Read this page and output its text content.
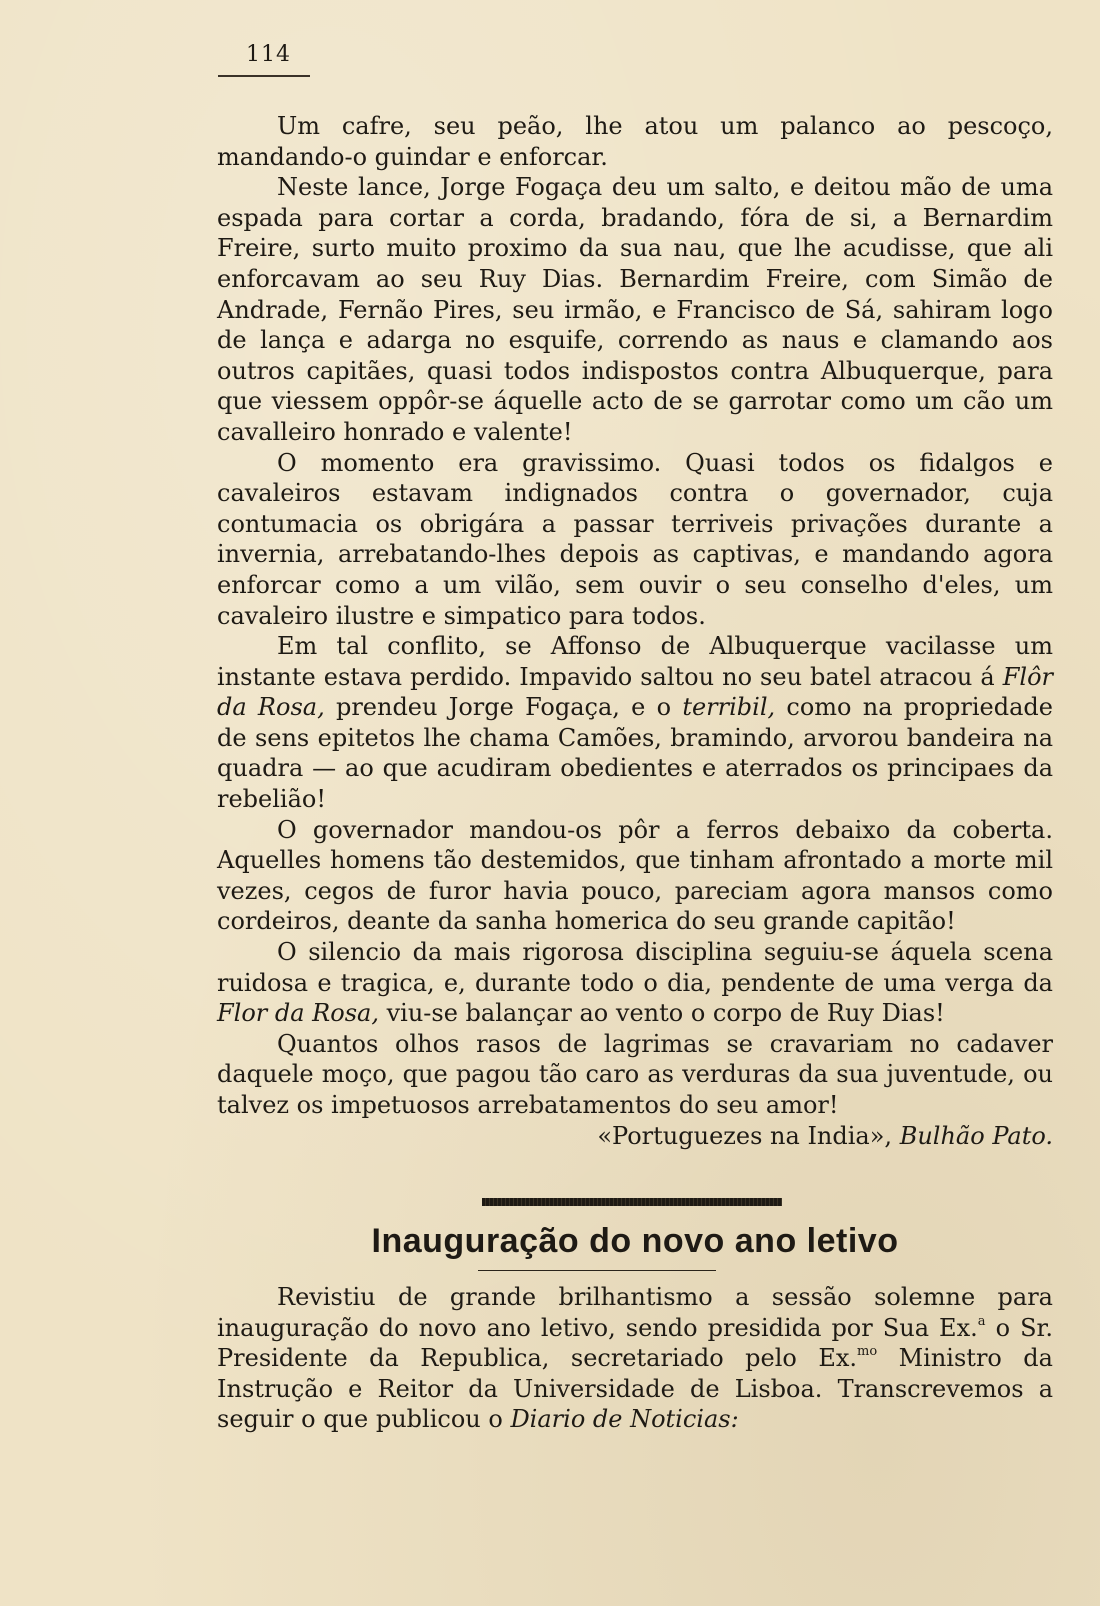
114

Um cafre, seu peão, lhe atou um palanco ao pescoço, mandando-o guindar e enforcar.

Neste lance, Jorge Fogaça deu um salto, e deitou mão de uma espada para cortar a corda, bradando, fóra de si, a Bernardim Freire, surto muito proximo da sua nau, que lhe acudisse, que ali enforcavam ao seu Ruy Dias. Bernardim Freire, com Simão de Andrade, Fernão Pires, seu irmão, e Francisco de Sá, sahiram logo de lança e adarga no esquife, correndo as naus e clamando aos outros capitães, quasi todos indispostos contra Albuquerque, para que viessem oppôr-se áquelle acto de se garrotar como um cão um cavalleiro honrado e valente!

O momento era gravissimo. Quasi todos os fidalgos e cavaleiros estavam indignados contra o governador, cuja contumacia os obrigára a passar terriveis privações durante a invernia, arrebatando-lhes depois as captivas, e mandando agora enforcar como a um vilão, sem ouvir o seu conselho d'eles, um cavaleiro ilustre e simpatico para todos.

Em tal conflito, se Affonso de Albuquerque vacilasse um instante estava perdido. Impavido saltou no seu batel atracou á Flôr da Rosa, prendeu Jorge Fogaça, e o terribil, como na propriedade de sens epitetos lhe chama Camões, bramindo, arvorou bandeira na quadra — ao que acudiram obedientes e aterrados os principaes da rebelião!

O governador mandou-os pôr a ferros debaixo da coberta. Aquelles homens tão destemidos, que tinham afrontado a morte mil vezes, cegos de furor havia pouco, pareciam agora mansos como cordeiros, deante da sanha homerica do seu grande capitão!

O silencio da mais rigorosa disciplina seguiu-se áquela scena ruidosa e tragica, e, durante todo o dia, pendente de uma verga da Flor da Rosa, viu-se balançar ao vento o corpo de Ruy Dias!

Quantos olhos rasos de lagrimas se cravariam no cadaver daquele moço, que pagou tão caro as verduras da sua juventude, ou talvez os impetuosos arrebatamentos do seu amor!

«Portuguezes na India», Bulhão Pato.

Inauguração do novo ano letivo

Revistiu de grande brilhantismo a sessão solemne para inauguração do novo ano letivo, sendo presidida por Sua Ex.$^a$ o Sr. Presidente da Republica, secretariado pelo Ex.$^{mo}$ Ministro da Instrução e Reitor da Universidade de Lisboa. Transcrevemos a seguir o que publicou o Diario de Noticias:
